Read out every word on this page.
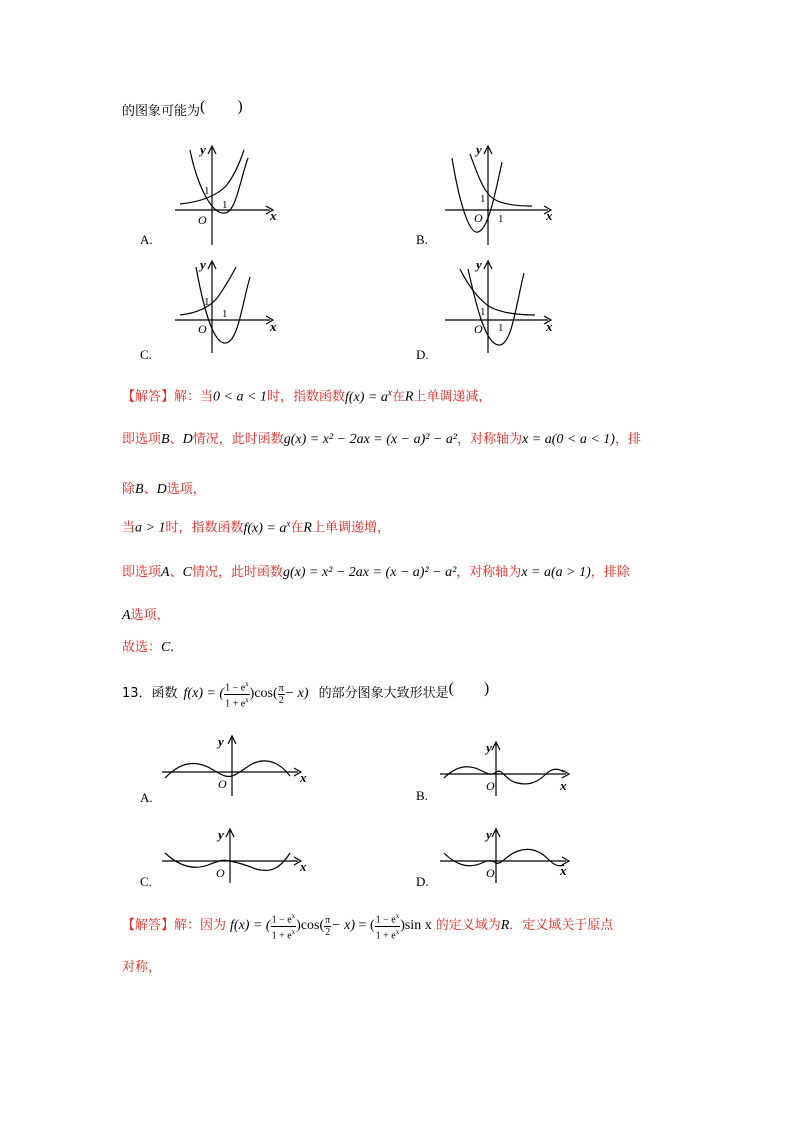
的图象可能为( )
y
x
O
1
1
A.
y
x
O
1
1
B.
y
x
O
1
1
C.
y
x
O
1
1
D.
【解答】解：当0 < a < 1时，指数函数$f(x) = a^x$在R上单调递减，
即选项B、D情况，此时函数g(x) = x² − 2ax = (x − a)² − a²，对称轴为x = a(0 < a < 1)，排
除B、D选项，
当a > 1时，指数函数$f(x) = a^x$在R上单调递增，
即选项A、C情况，此时函数g(x) = x² − 2ax = (x − a)² − a²，对称轴为x = a(a > 1)，排除
A选项，
故选：C.
13．函数 f(x) = ( $\frac{1 - e^x}{1 + e^x} )\cos( \frac{\pi}{2} - x)$ 的部分图象大致形状是 ( )
y
x
O
A.
y
x
O
B.
y
x
O
C.
y
x
O
D.
【解答】 解：因为 f(x) = ( $\frac{1 - e^x}{1 + e^x} )\cos( \frac{\pi}{2} - x)$ = ( $\frac{1 - e^x}{1 + e^x} )\sin$ x 的定义域为 R ．定义域关于原点
对称，
